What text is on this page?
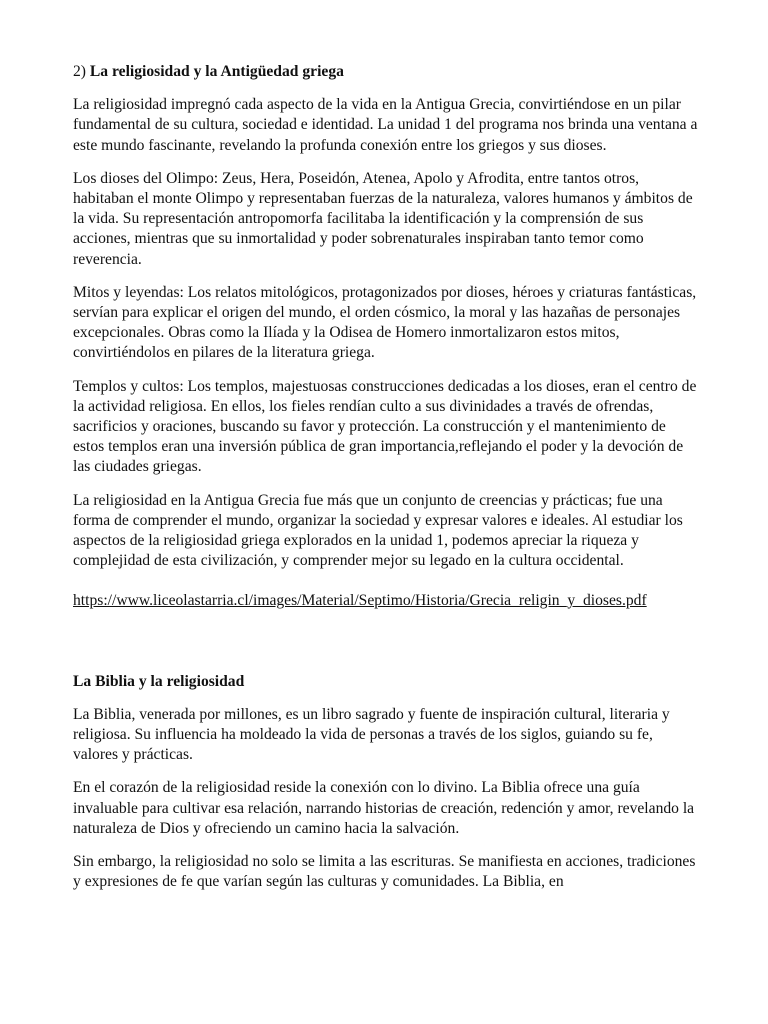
2) La religiosidad y la Antigüedad griega

La religiosidad impregnó cada aspecto de la vida en la Antigua Grecia, convirtiéndose en un pilar fundamental de su cultura, sociedad e identidad. La unidad 1 del programa nos brinda una ventana a este mundo fascinante, revelando la profunda conexión entre los griegos y sus dioses.

Los dioses del Olimpo: Zeus, Hera, Poseidón, Atenea, Apolo y Afrodita, entre tantos otros, habitaban el monte Olimpo y representaban fuerzas de la naturaleza, valores humanos y ámbitos de la vida. Su representación antropomorfa facilitaba la identificación y la comprensión de sus acciones, mientras que su inmortalidad y poder sobrenaturales inspiraban tanto temor como reverencia.

Mitos y leyendas: Los relatos mitológicos, protagonizados por dioses, héroes y criaturas fantásticas, servían para explicar el origen del mundo, el orden cósmico, la moral y las hazañas de personajes excepcionales. Obras como la Ilíada y la Odisea de Homero inmortalizaron estos mitos, convirtiéndolos en pilares de la literatura griega.

Templos y cultos: Los templos, majestuosas construcciones dedicadas a los dioses, eran el centro de la actividad religiosa. En ellos, los fieles rendían culto a sus divinidades a través de ofrendas, sacrificios y oraciones, buscando su favor y protección. La construcción y el mantenimiento de estos templos eran una inversión pública de gran importancia,reflejando el poder y la devoción de las ciudades griegas.

La religiosidad en la Antigua Grecia fue más que un conjunto de creencias y prácticas; fue una forma de comprender el mundo, organizar la sociedad y expresar valores e ideales. Al estudiar los aspectos de la religiosidad griega explorados en la unidad 1, podemos apreciar la riqueza y complejidad de esta civilización, y comprender mejor su legado en la cultura occidental.

https://www.liceolastarria.cl/images/Material/Septimo/Historia/Grecia_religin_y_dioses.pdf
La Biblia y la religiosidad

La Biblia, venerada por millones, es un libro sagrado y fuente de inspiración cultural, literaria y religiosa. Su influencia ha moldeado la vida de personas a través de los siglos, guiando su fe, valores y prácticas.

En el corazón de la religiosidad reside la conexión con lo divino. La Biblia ofrece una guía invaluable para cultivar esa relación, narrando historias de creación, redención y amor, revelando la naturaleza de Dios y ofreciendo un camino hacia la salvación.

Sin embargo, la religiosidad no solo se limita a las escrituras. Se manifiesta en acciones, tradiciones y expresiones de fe que varían según las culturas y comunidades. La Biblia, en
